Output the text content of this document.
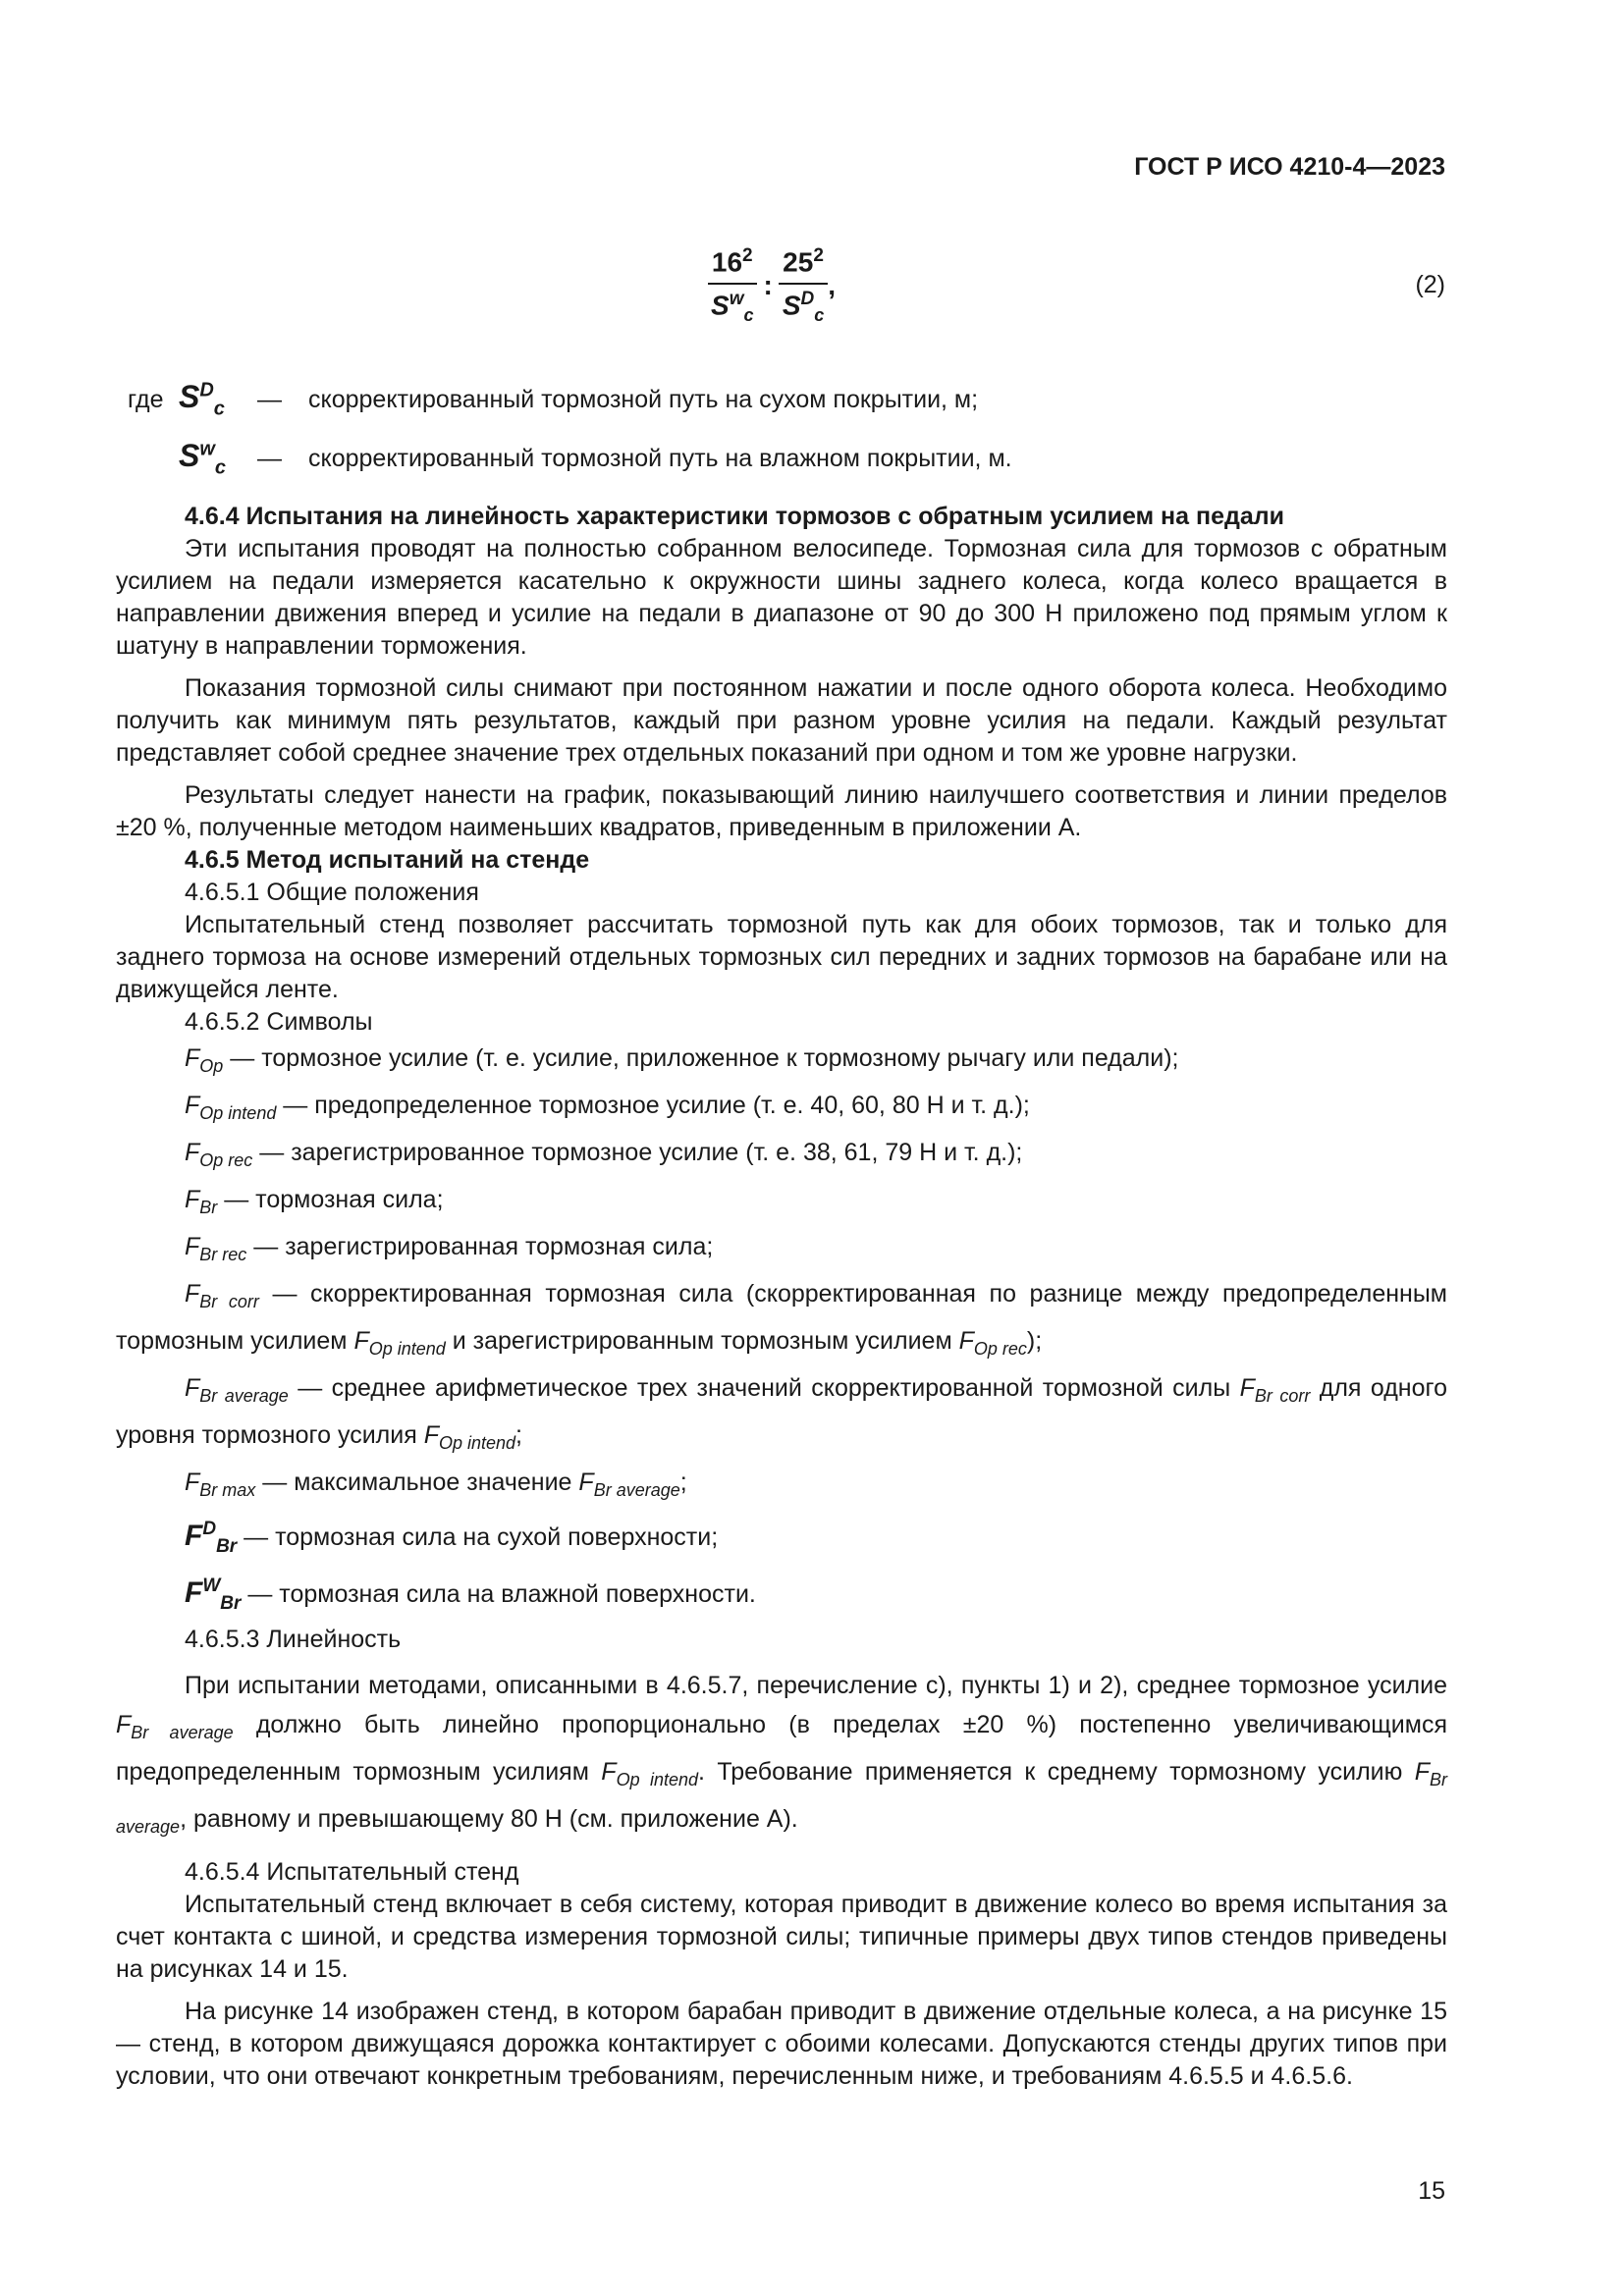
ГОСТ Р ИСО 4210-4—2023
$\frac{16^2}{S^w_c}$ : $\frac{25^2}{S^D_c}$ ,	(2)
где $S^D_c$	—	скорректированный тормозной путь на сухом покрытии, м;
$S^w_c$	—	скорректированный тормозной путь на влажном покрытии, м.

4.6.4 Испытания на линейность характеристики тормозов с обратным усилием на педали

Эти испытания проводят на полностью собранном велосипеде. Тормозная сила для тормозов с обратным усилием на педали измеряется касательно к окружности шины заднего колеса, когда колесо вращается в направлении движения вперед и усилие на педали в диапазоне от 90 до 300 Н приложено под прямым углом к шатуну в направлении торможения.

Показания тормозной силы снимают при постоянном нажатии и после одного оборота колеса. Необходимо получить как минимум пять результатов, каждый при разном уровне усилия на педали. Каждый результат представляет собой среднее значение трех отдельных показаний при одном и том же уровне нагрузки.

Результаты следует нанести на график, показывающий линию наилучшего соответствия и линии пределов ±20 %, полученные методом наименьших квадратов, приведенным в приложении А.

4.6.5 Метод испытаний на стенде

4.6.5.1 Общие положения

Испытательный стенд позволяет рассчитать тормозной путь как для обоих тормозов, так и только для заднего тормоза на основе измерений отдельных тормозных сил передних и задних тормозов на барабане или на движущейся ленте.

4.6.5.2 Символы

$F_{Op}$ — тормозное усилие (т. е. усилие, приложенное к тормозному рычагу или педали);

$F_{Op intend}$ — предопределенное тормозное усилие (т. е. 40, 60, 80 Н и т. д.);

$F_{Op rec}$ — зарегистрированное тормозное усилие (т. е. 38, 61, 79 Н и т. д.);

$F_{Br}$ — тормозная сила;

$F_{Br rec}$ — зарегистрированная тормозная сила;

$F_{Br corr}$ — скорректированная тормозная сила (скорректированная по разнице между предопределенным тормозным усилием $F_{Op intend}$ и зарегистрированным тормозным усилием $F_{Op rec}$);

$F_{Br average}$ — среднее арифметическое трех значений скорректированной тормозной силы $F_{Br corr}$ для одного уровня тормозного усилия $F_{Op intend}$;

$F_{Br max}$ — максимальное значение $F_{Br average}$;

$F^D_{Br}$ — тормозная сила на сухой поверхности;

$F^W_{Br}$ — тормозная сила на влажной поверхности.

4.6.5.3 Линейность

При испытании методами, описанными в 4.6.5.7, перечисление c), пункты 1) и 2), среднее тормозное усилие $F_{Br average}$ должно быть линейно пропорционально (в пределах ±20 %) постепенно увеличивающимся предопределенным тормозным усилиям $F_{Op intend}$. Требование применяется к среднему тормозному усилию $F_{Br average}$, равному и превышающему 80 Н (см. приложение А).

4.6.5.4 Испытательный стенд

Испытательный стенд включает в себя систему, которая приводит в движение колесо во время испытания за счет контакта с шиной, и средства измерения тормозной силы; типичные примеры двух типов стендов приведены на рисунках 14 и 15.

На рисунке 14 изображен стенд, в котором барабан приводит в движение отдельные колеса, а на рисунке 15 — стенд, в котором движущаяся дорожка контактирует с обоими колесами. Допускаются стенды других типов при условии, что они отвечают конкретным требованиям, перечисленным ниже, и требованиям 4.6.5.5 и 4.6.5.6.

15
